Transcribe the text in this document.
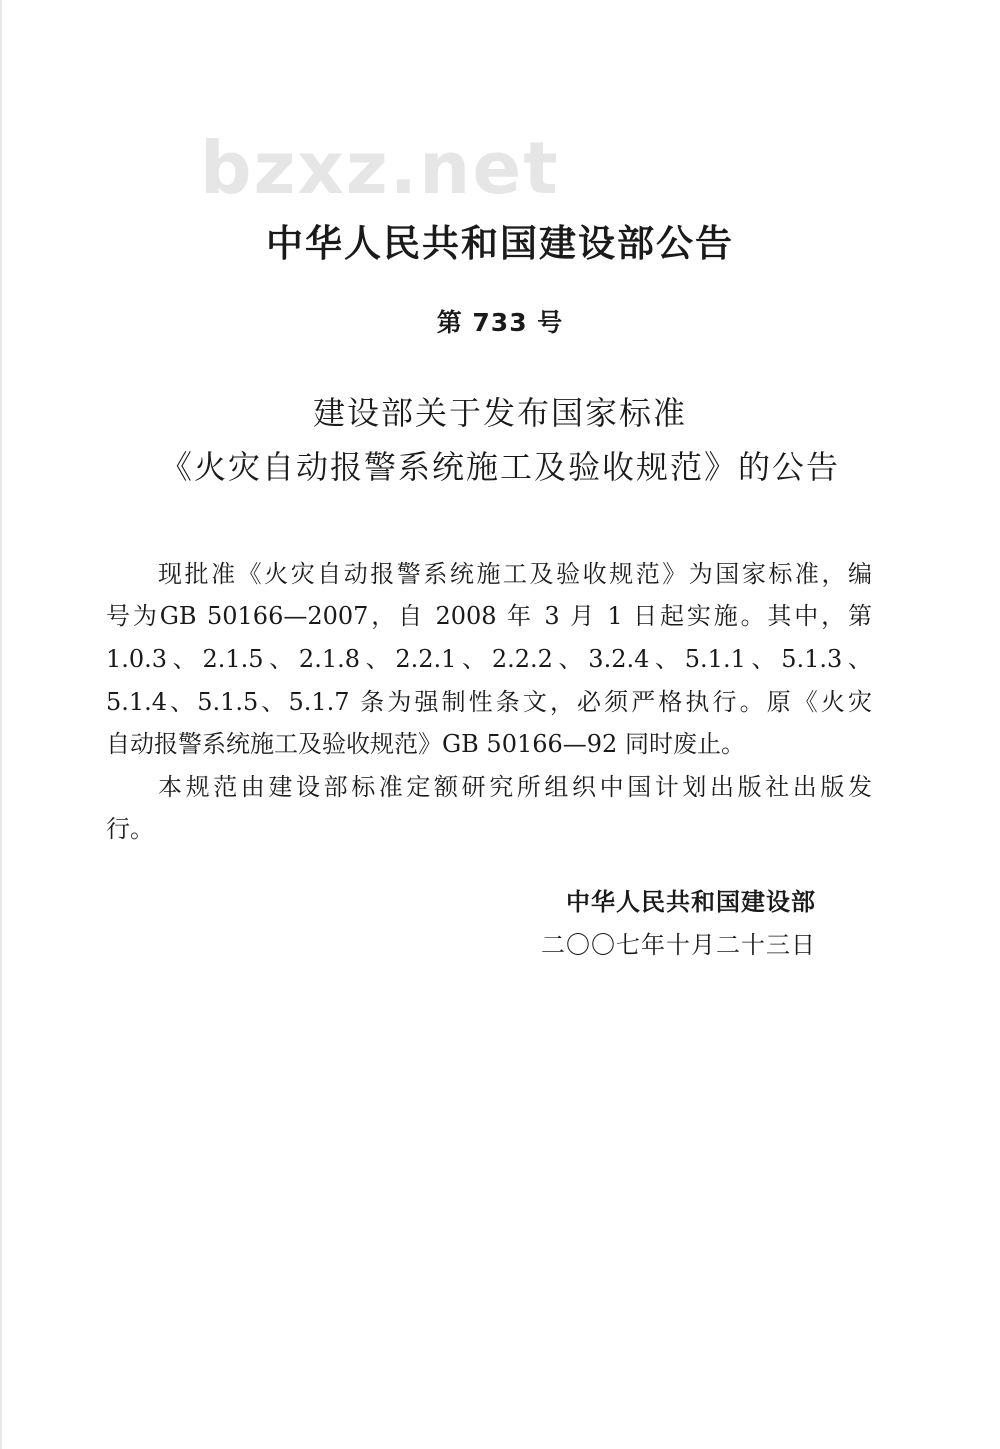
bzxz.net
中华人民共和国建设部公告
第 733 号
建设部关于发布国家标准
《火灾自动报警系统施工及验收规范》的公告
现批准《火灾自动报警系统施工及验收规范》为国家标准，编
号为GB 50166—2007，自 2008 年 3 月 1 日起实施。其中，第
1.0.3、2.1.5、2.1.8、2.2.1、2.2.2、3.2.4、5.1.1、5.1.3、
5.1.4、5.1.5、5.1.7 条为强制性条文，必须严格执行。原《火灾
自动报警系统施工及验收规范》GB 50166—92 同时废止。
本规范由建设部标准定额研究所组织中国计划出版社出版发
行。
中华人民共和国建设部
二〇〇七年十月二十三日
